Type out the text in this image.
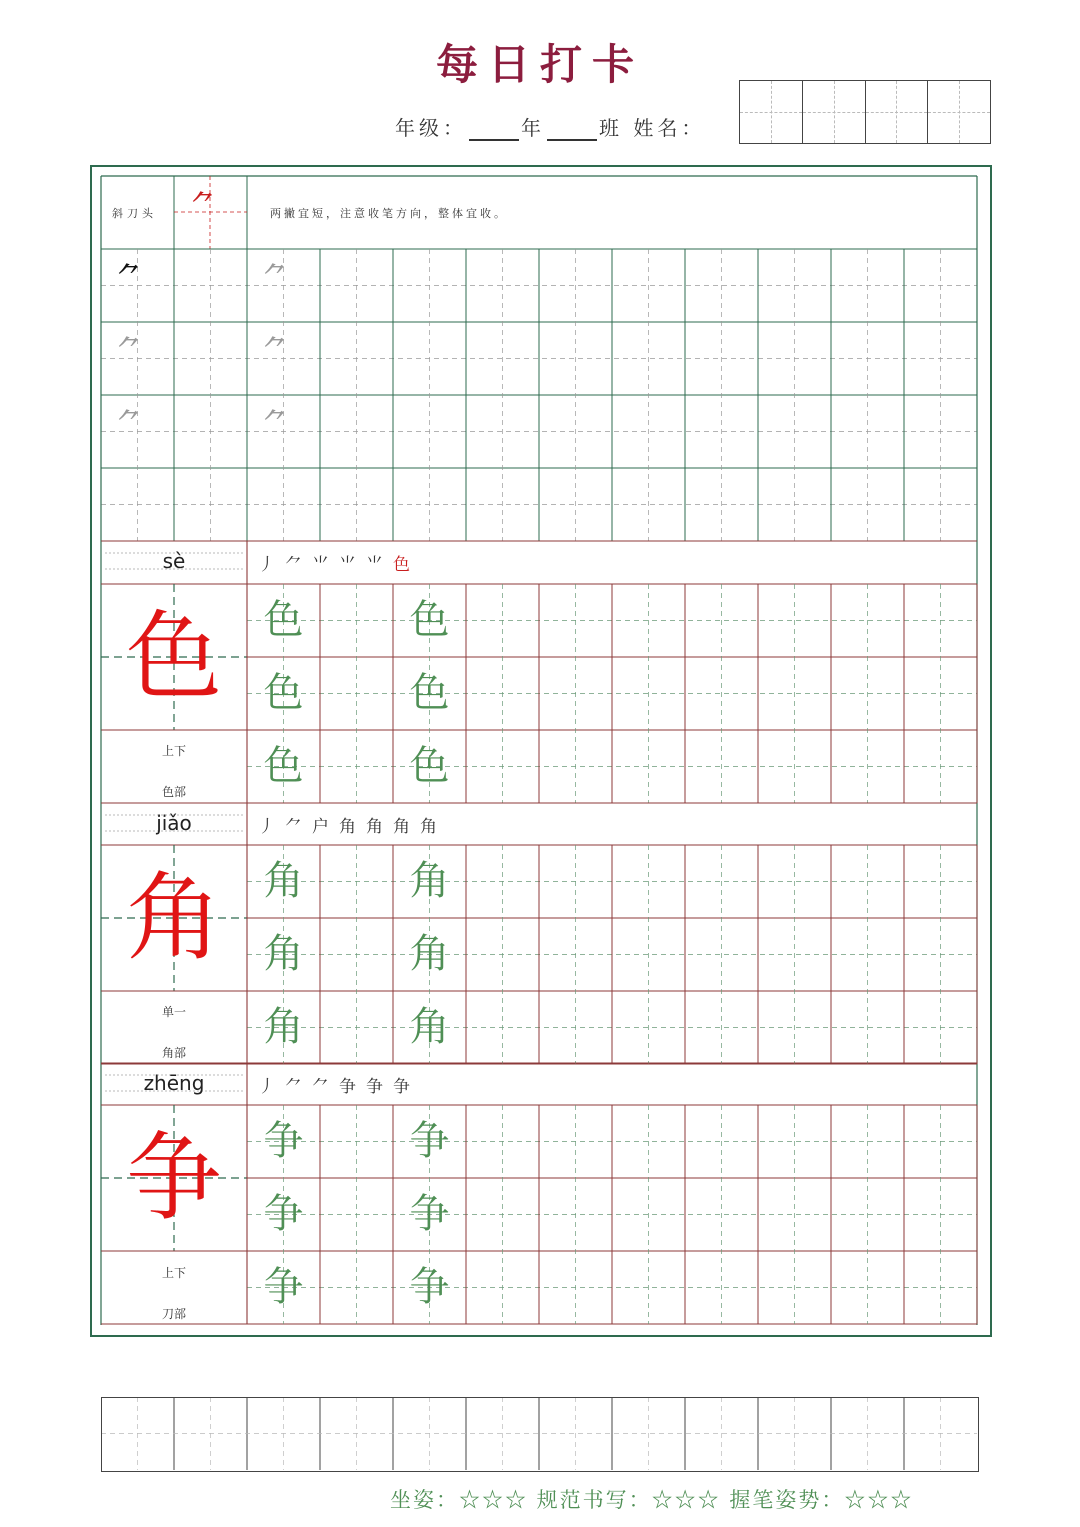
每日打卡
年级：	年	班 姓名：
斜刀头 ⺈	两撇宜短，注意收笔方向，整体宜收。
⺈	⺈
⺈	⺈
⺈	⺈
sè	丿⺈⺌⺌⺌色
色
上下
色部
色	色
色	色
色	色
jiǎo	丿⺈户角角角角
角
单一
角部
角	角
角	角
角	角
zhēng	丿⺈⺈争争争
争
上下
刀部
争	争
争	争
争	争
坐姿：☆☆☆ 规范书写：☆☆☆ 握笔姿势：☆☆☆
